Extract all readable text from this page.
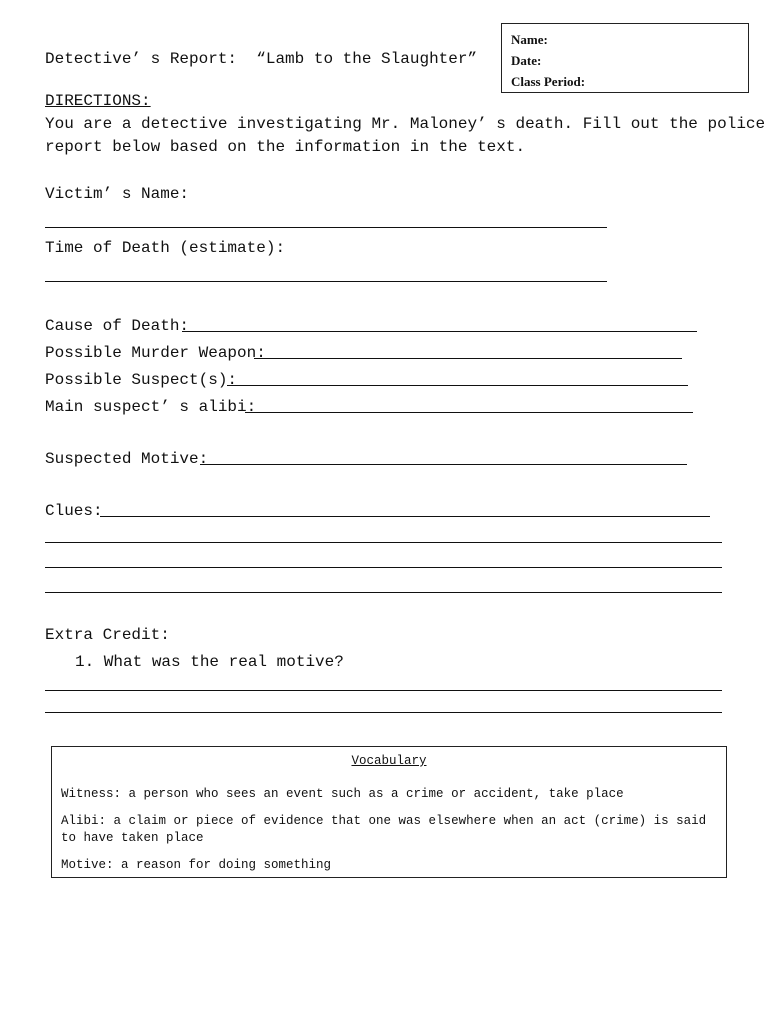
Name:
Date:
Class Period:
Detective’ s Report:  “Lamb to the Slaughter”
DIRECTIONS:
You are a detective investigating Mr. Maloney’ s death. Fill out the police
report below based on the information in the text.
Victim’ s Name:
Time of Death (estimate):
Cause of Death:
Possible Murder Weapon:
Possible Suspect(s):
Main suspect’ s alibi:
Suspected Motive:
Clues:
Extra Credit:
1. What was the real motive?
Vocabulary

Witness: a person who sees an event such as a crime or accident, take place

Alibi: a claim or piece of evidence that one was elsewhere when an act (crime) is said to have taken place

Motive: a reason for doing something
